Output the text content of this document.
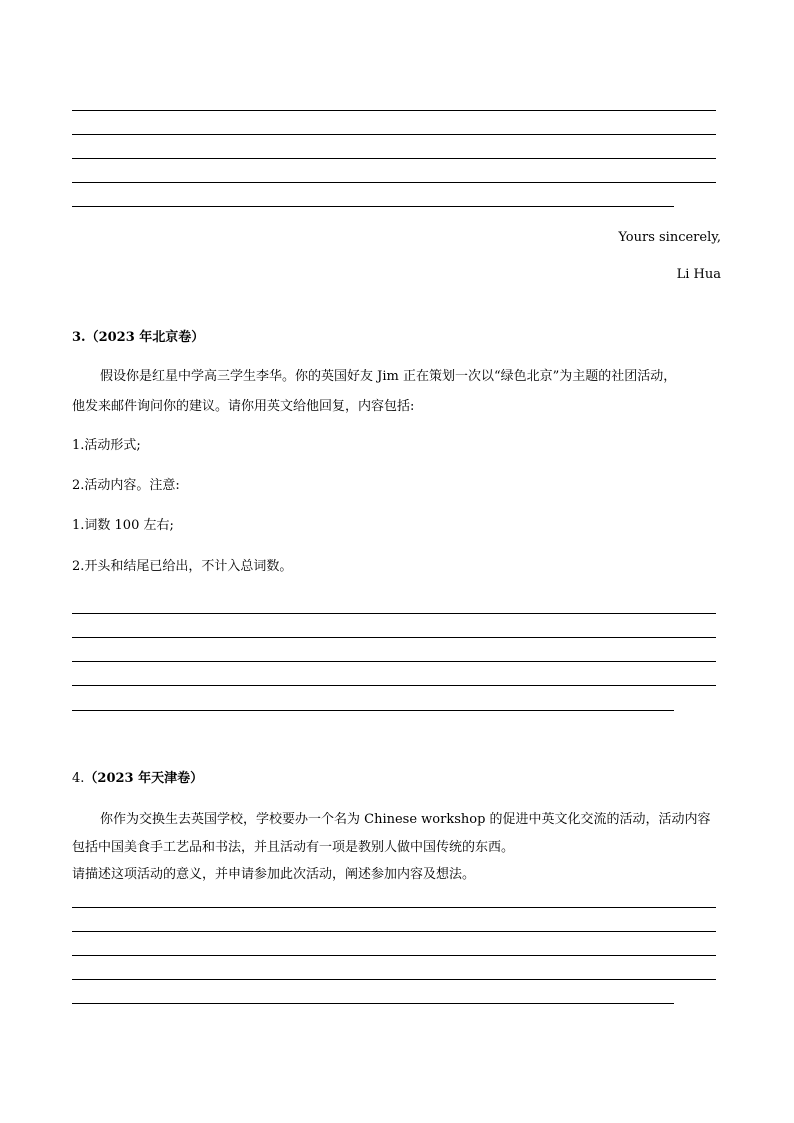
Yours sincerely,
Li Hua
3.（2023 年北京卷）
假设你是红星中学高三学生李华。你的英国好友 Jim 正在策划一次以“绿色北京”为主题的社团活动，
他发来邮件询问你的建议。请你用英文给他回复，内容包括:
1.活动形式;
2.活动内容。注意:
1.词数 100 左右;
2.开头和结尾已给出，不计入总词数。
4.（2023 年天津卷）
你作为交换生去英国学校，学校要办一个名为 Chinese workshop 的促进中英文化交流的活动，活动内容
包括中国美食手工艺品和书法，并且活动有一项是教别人做中国传统的东西。
请描述这项活动的意义，并申请参加此次活动，阐述参加内容及想法。
